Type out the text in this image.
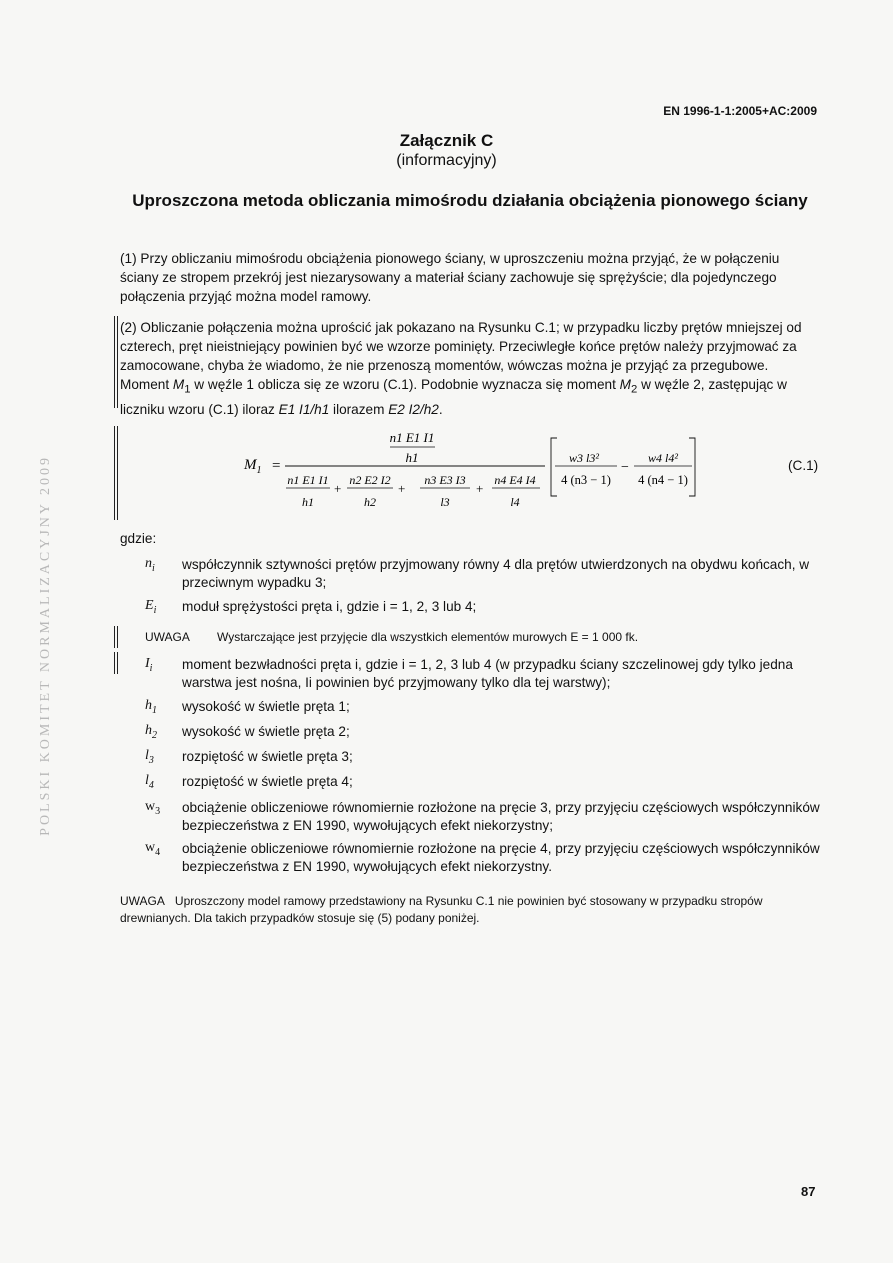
EN 1996-1-1:2005+AC:2009
Załącznik C
(informacyjny)
Uproszczona metoda obliczania mimośrodu działania obciążenia pionowego ściany
POLSKI KOMITET NORMALIZACYJNY 2009
(1) Przy obliczaniu mimośrodu obciążenia pionowego ściany, w uproszczeniu można przyjąć, że w połączeniu ściany ze stropem przekrój jest niezarysowany a materiał ściany zachowuje się sprężyście; dla pojedynczego połączenia przyjąć można model ramowy.
(2) Obliczanie połączenia można uprościć jak pokazano na Rysunku C.1; w przypadku liczby prętów mniejszej od czterech, pręt nieistniejący powinien być we wzorze pominięty. Przeciwległe końce prętów należy przyjmować za zamocowane, chyba że wiadomo, że nie przenoszą momentów, wówczas można je przyjąć za przegubowe. Moment $M_1$ w węźle 1 oblicza się ze wzoru (C.1). Podobnie wyznacza się moment $M_2$ w węźle 2, zastępując w liczniku wzoru (C.1) iloraz E1 I1/h1 ilorazem E2 I2/h2.
$M_1$ =
n1 E1 I1
h1
n1 E1 I1
h1
+
n2 E2 I2
h2
+
n3 E3 I3
l3
+
n4 E4 I4
l4
w3 l3²
4 (n3 − 1)
−
w4 l4²
4 (n4 − 1)
(C.1)
gdzie:
$n_i$ współczynnik sztywności prętów przyjmowany równy 4 dla prętów utwierdzonych na obydwu końcach, w przeciwnym wypadku 3;
$E_i$ moduł sprężystości pręta i, gdzie i = 1, 2, 3 lub 4;
UWAGA Wystarczające jest przyjęcie dla wszystkich elementów murowych E = 1 000 fk.
$I_i$ moment bezwładności pręta i, gdzie i = 1, 2, 3 lub 4 (w przypadku ściany szczelinowej gdy tylko jedna warstwa jest nośna, Ii powinien być przyjmowany tylko dla tej warstwy);
$h_1$ wysokość w świetle pręta 1;
$h_2$ wysokość w świetle pręta 2;
$l_3$ rozpiętość w świetle pręta 3;
$l_4$ rozpiętość w świetle pręta 4;
$w_3$ obciążenie obliczeniowe równomiernie rozłożone na pręcie 3, przy przyjęciu częściowych współczynników bezpieczeństwa z EN 1990, wywołujących efekt niekorzystny;
$w_4$ obciążenie obliczeniowe równomiernie rozłożone na pręcie 4, przy przyjęciu częściowych współczynników bezpieczeństwa z EN 1990, wywołujących efekt niekorzystny.
UWAGA Uproszczony model ramowy przedstawiony na Rysunku C.1 nie powinien być stosowany w przypadku stropów drewnianych. Dla takich przypadków stosuje się (5) podany poniżej.
87
